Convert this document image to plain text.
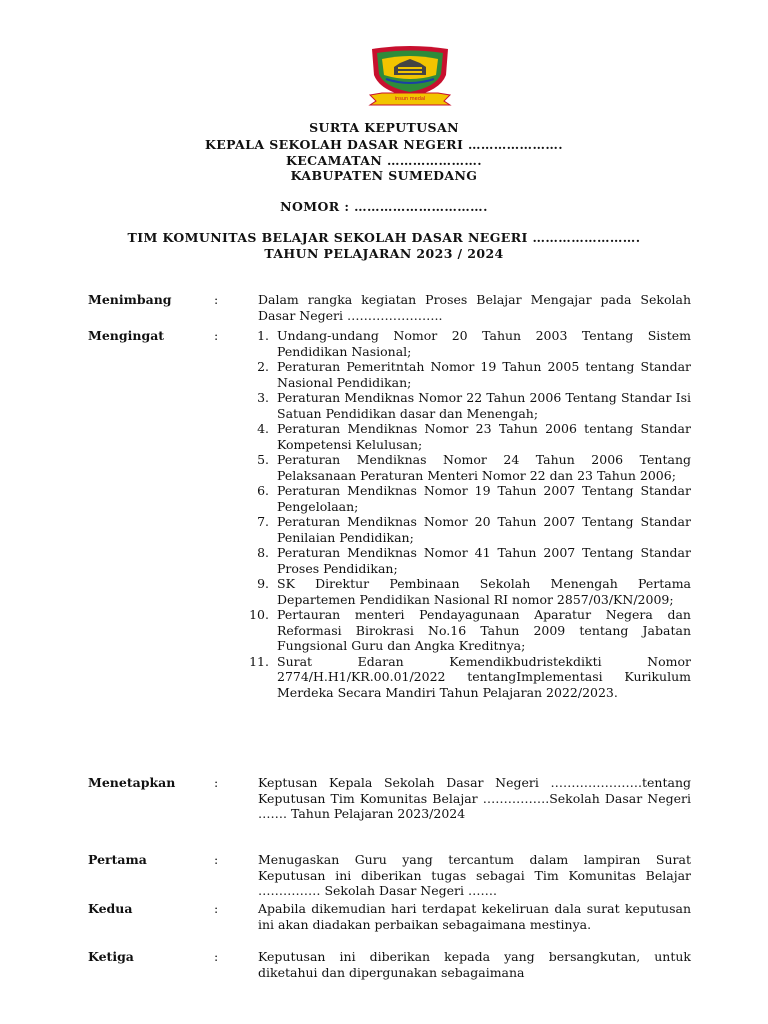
insun medal
SURTA KEPUTUSAN
KEPALA SEKOLAH DASAR NEGERI ………………….
KECAMATAN ………………….
KABUPATEN SUMEDANG
NOMOR : ………………………….
TIM KOMUNITAS BELAJAR SEKOLAH DASAR NEGERI …………………….
TAHUN PELAJARAN 2023 / 2024
Menimbang	:	Dalam rangka kegiatan Proses Belajar Mengajar pada Sekolah Dasar Negeri …………………..
Mengingat	:	1. Undang-undang Nomor 20 Tahun 2003 Tentang Sistem Pendidikan Nasional;
2. Peraturan Pemeritntah Nomor 19 Tahun 2005 tentang Standar Nasional Pendidikan;
3. Peraturan Mendiknas Nomor 22 Tahun 2006 Tentang Standar Isi Satuan Pendidikan dasar dan Menengah;
4. Peraturan Mendiknas Nomor 23 Tahun 2006 tentang Standar Kompetensi Kelulusan;
5. Peraturan Mendiknas Nomor 24 Tahun 2006 Tentang Pelaksanaan Peraturan Menteri Nomor 22 dan 23 Tahun 2006;
6. Peraturan Mendiknas Nomor 19 Tahun 2007 Tentang Standar Pengelolaan;
7. Peraturan Mendiknas Nomor 20 Tahun 2007 Tentang Standar Penilaian Pendidikan;
8. Peraturan Mendiknas Nomor 41 Tahun 2007 Tentang Standar Proses Pendidikan;
9. SK Direktur Pembinaan Sekolah Menengah Pertama Departemen Pendidikan Nasional RI nomor 2857/03/KN/2009;
10. Pertauran menteri Pendayagunaan Aparatur Negera dan Reformasi Birokrasi No.16 Tahun 2009 tentang Jabatan Fungsional Guru dan Angka Kreditnya;
11. Surat Edaran Kemendikbudristekdikti Nomor 2774/H.H1/KR.00.01/2022 tentangImplementasi Kurikulum Merdeka Secara Mandiri Tahun Pelajaran 2022/2023.
Menetapkan	:	Keptusan Kepala Sekolah Dasar Negeri ………………….tentang Keputusan Tim Komunitas Belajar …………….Sekolah Dasar Negeri ……. Tahun Pelajaran 2023/2024
Pertama	:	Menugaskan Guru yang tercantum dalam lampiran Surat Keputusan ini diberikan tugas sebagai Tim Komunitas Belajar …………… Sekolah Dasar Negeri …….
Kedua	:	Apabila dikemudian hari terdapat kekeliruan dala surat keputusan ini akan diadakan perbaikan sebagaimana mestinya.
Ketiga	:	Keputusan ini diberikan kepada yang bersangkutan, untuk diketahui dan dipergunakan sebagaimana
